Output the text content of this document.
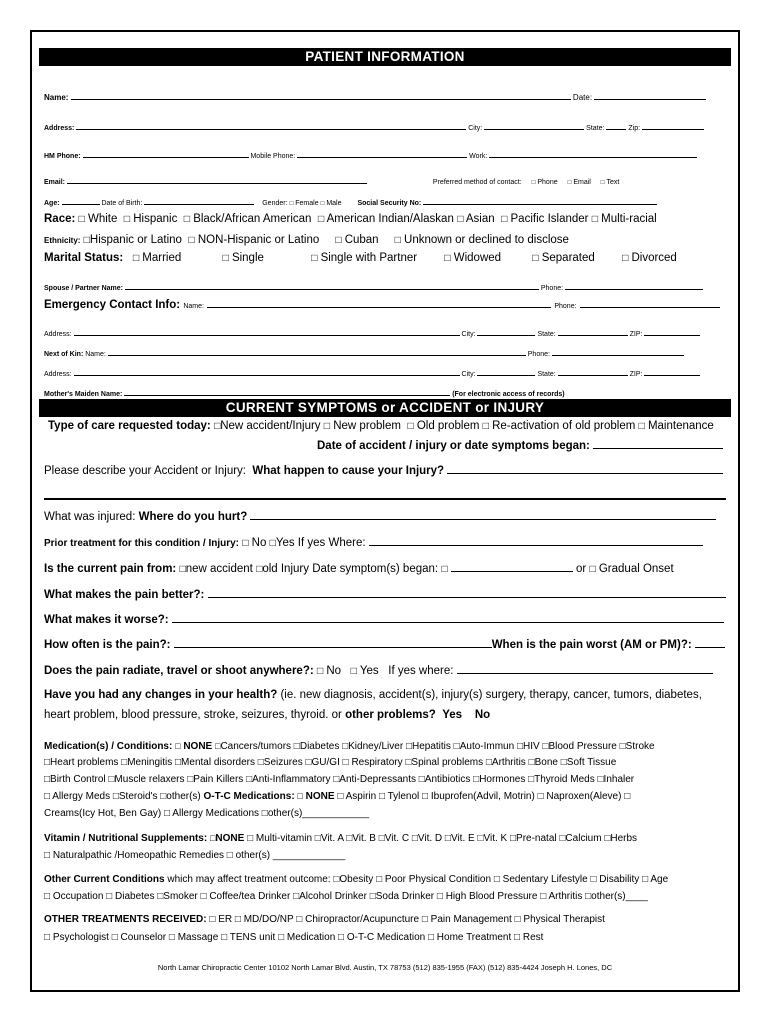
PATIENT INFORMATION
Name:	Date:
Address:	City:	State:	Zip:
HM Phone:	Mobile Phone:	Work:
Email:	Preferred method of contact: □ Phone □ Email □ Text
Age:	Date of Birth:	Gender: □ Female □ Male Social Security No:
Race: □ White □ Hispanic □ Black/African American □ American Indian/Alaskan □ Asian □ Pacific Islander □ Multi-racial
Ethnicity: □Hispanic or Latino □ NON-Hispanic or Latino □ Cuban □ Unknown or declined to disclose
Marital Status: □ Married	□ Single	□ Single with Partner	□ Widowed	□ Separated	□ Divorced
Spouse / Partner Name:	Phone:
Emergency Contact Info: Name:	Phone:
Address:	City:	State:	ZIP:
Next of Kin: Name:	Phone:
Address:	City:	State:	ZIP:
Mother's Maiden Name:	(For electronic access of records)
CURRENT SYMPTOMS or ACCIDENT or INJURY
Type of care requested today: □New accident/Injury □ New problem □ Old problem □ Re-activation of old problem □ Maintenance
Date of accident / injury or date symptoms began:
Please describe your Accident or Injury: What happen to cause your Injury?
What was injured: Where do you hurt?
Prior treatment for this condition / Injury: □ No □Yes If yes Where:
Is the current pain from: □new accident □old Injury Date symptom(s) began: □	or □ Gradual Onset
What makes the pain better?:
What makes it worse?:
How often is the pain?:	When is the pain worst (AM or PM)?:
Does the pain radiate, travel or shoot anywhere?: □ No □ Yes If yes where:
Have you had any changes in your health? (ie. new diagnosis, accident(s), injury(s) surgery, therapy, cancer, tumors, diabetes,
heart problem, blood pressure, stroke, seizures, thyroid. or other problems? Yes No
Medication(s) / Conditions: □ NONE □Cancers/tumors □Diabetes □Kidney/Liver □Hepatitis □Auto-Immun □HIV □Blood Pressure □Stroke
□Heart problems □Meningitis □Mental disorders □Seizures □GU/GI □ Respiratory □Spinal problems □Arthritis □Bone □Soft Tissue
□Birth Control □Muscle relaxers □Pain Killers □Anti-Inflammatory □Anti-Depressants □Antibiotics □Hormones □Thyroid Meds □Inhaler
□ Allergy Meds □Steroid's □other(s) O-T-C Medications: □ NONE □ Aspirin □ Tylenol □ Ibuprofen(Advil, Motrin) □ Naproxen(Aleve) □
Creams(Icy Hot, Ben Gay) □ Allergy Medications □other(s)____________
Vitamin / Nutritional Supplements: □NONE □ Multi-vitamin □Vit. A □Vit. B □Vit. C □Vit. D □Vit. E □Vit. K □Pre-natal □Calcium □Herbs
□ Naturalpathic /Homeopathic Remedies □ other(s) _____________
Other Current Conditions which may affect treatment outcome: □Obesity □ Poor Physical Condition □ Sedentary Lifestyle □ Disability □ Age
□ Occupation □ Diabetes □Smoker □ Coffee/tea Drinker □Alcohol Drinker □Soda Drinker □ High Blood Pressure □ Arthritis □other(s)____
OTHER TREATMENTS RECEIVED: □ ER □ MD/DO/NP □ Chiropractor/Acupuncture □ Pain Management □ Physical Therapist
□ Psychologist □ Counselor □ Massage □ TENS unit □ Medication □ O-T-C Medication □ Home Treatment □ Rest
North Lamar Chiropractic Center 10102 North Lamar Blvd. Austin, TX 78753 (512) 835-1955 (FAX) (512) 835-4424 Joseph H. Lones, DC
